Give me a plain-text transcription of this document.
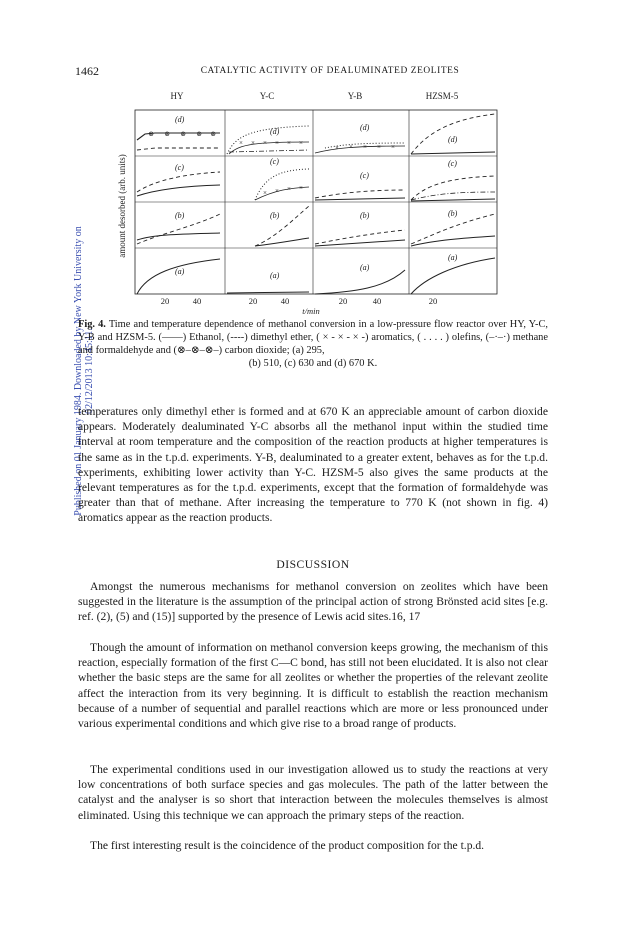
Published on 01 January 1984. Downloaded by New York University on 02/12/2013 10:45:11.
1462	CATALYTIC ACTIVITY OF DEALUMINATED ZEOLITES
HY	Y-C	Y-B	HZSM-5
amount desorbed (arb. units)
(d)
(d)	(d)
(d)
(c)
(c)
(c)
(c)
(b)	(b)	(b)	(b)
(a)	(a)
(a)
(a)
⊗ ⊗ ⊗ ⊗ ⊗
× × × × × ×
× × × ×
× × × × ×
20	40	20	40	20	40	20
t/min
Fig. 4. Time and temperature dependence of methanol conversion in a low-pressure flow reactor over HY, Y-C, Y-B and HZSM-5. (——) Ethanol, (----) dimethyl ether, ( × - × - × -) aromatics, ( . . . . ) olefins, (–·–·) methane and formaldehyde and (⊗–⊗–⊗–) carbon dioxide; (a) 295,
(b) 510, (c) 630 and (d) 670 K.

temperatures only dimethyl ether is formed and at 670 K an appreciable amount of carbon dioxide appears. Moderately dealuminated Y-C absorbs all the methanol input within the studied time interval at room temperature and the composition of the reaction products at higher temperatures is the same as in the t.p.d. experiments. Y-B, dealuminated to a greater extent, behaves as for the t.p.d. experiments, exhibiting lower activity than Y-C. HZSM-5 also gives the same products at the relevant temperatures as for the t.p.d. experiments, except that the formation of formaldehyde was greater than that of methane. After increasing the temperature to 770 K (not shown in fig. 4) aromatics appear as the reaction products.

DISCUSSION

Amongst the numerous mechanisms for methanol conversion on zeolites which have been suggested in the literature is the assumption of the principal action of strong Brönsted acid sites [e.g. ref. (2), (5) and (15)] supported by the presence of Lewis acid sites.16, 17

Though the amount of information on methanol conversion keeps growing, the mechanism of this reaction, especially formation of the first C—C bond, has still not been elucidated. It is also not clear whether the basic steps are the same for all zeolites or whether the properties of the relevant zeolite affect the interaction from its very beginning. It is difficult to establish the reaction mechanism because of a number of sequential and parallel reactions which are more or less pronounced under various experimental conditions and which give rise to a broad range of products.

The experimental conditions used in our investigation allowed us to study the reactions at very low concentrations of both surface species and gas molecules. The path of the latter between the catalyst and the analyser is so short that interaction between the molecules themselves is almost eliminated. Using this technique we can approach the primary steps of the reaction.

The first interesting result is the coincidence of the product composition for the t.p.d.
